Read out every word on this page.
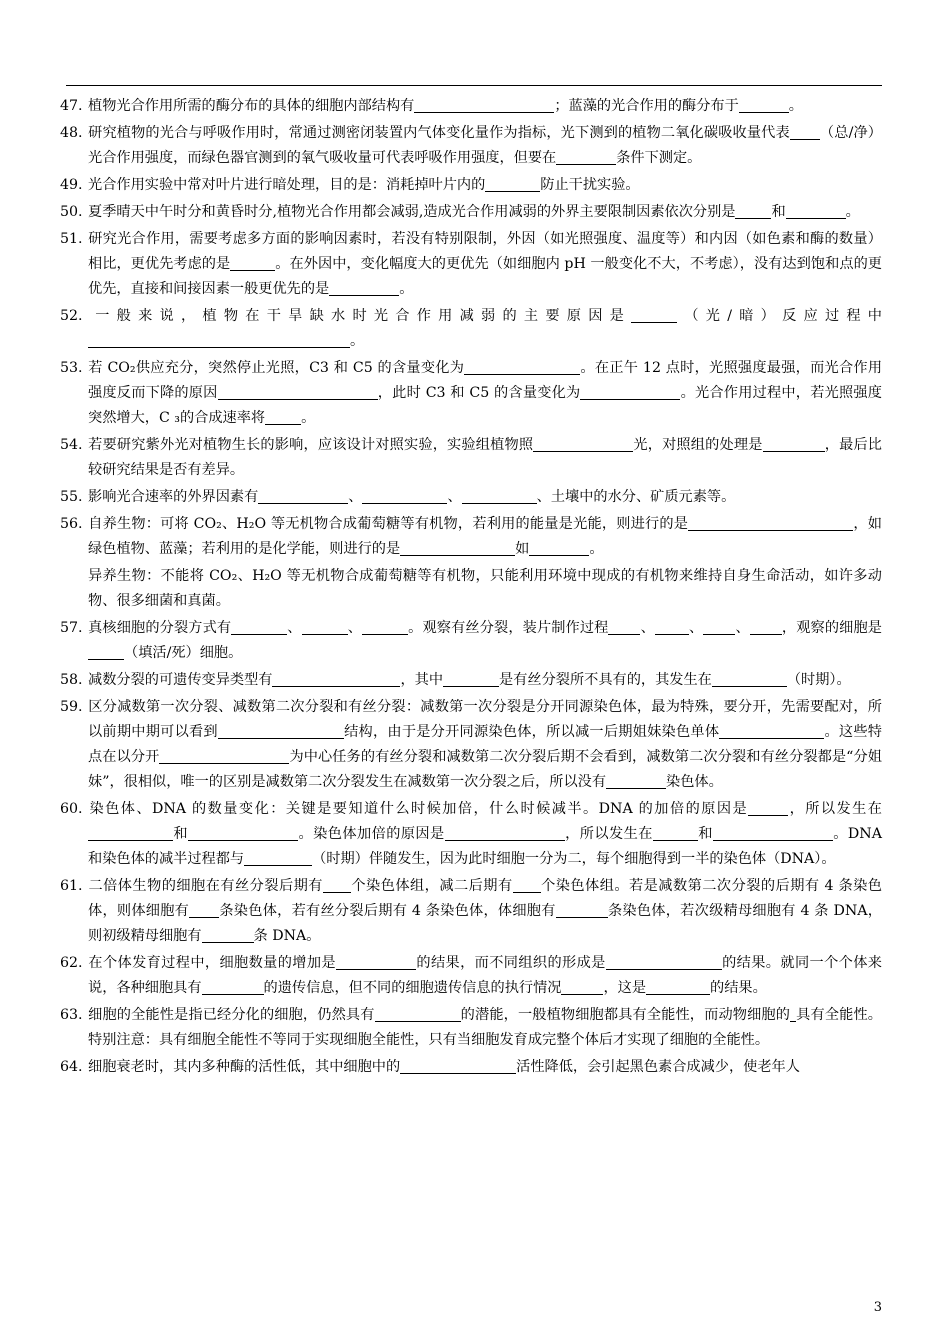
47. 植物光合作用所需的酶分布的具体的细胞内部结构有	；蓝藻的光合作用的酶分布于	。

48. 研究植物的光合与呼吸作用时，常通过测密闭装置内气体变化量作为指标，光下测到的植物二氧化碳吸收量代表 （总/净）光合作用强度，而绿色器官测到的氧气吸收量可代表呼吸作用强度，但要在	条件下测定。

49. 光合作用实验中常对叶片进行暗处理，目的是：消耗掉叶片内的	防止干扰实验。

50. 夏季晴天中午时分和黄昏时分,植物光合作用都会减弱,造成光合作用减弱的外界主要限制因素依次分别是	和	。

51. 研究光合作用，需要考虑多方面的影响因素时，若没有特别限制，外因（如光照强度、温度等）和内因（如色素和酶的数量）相比，更优先考虑的是	。在外因中，变化幅度大的更优先（如细胞内 pH 一般变化不大，不考虑），没有达到饱和点的更优先，直接和间接因素一般更优先的是	。

52. 一般来说，植物在干旱缺水时光合作用减弱的主要原因是	（光/暗）反应过程中。

53. 若 CO₂供应充分，突然停止光照，C3 和 C5 的含量变化为	。在正午 12 点时，光照强度最强，而光合作用强度反而下降的原因	，此时 C3 和 C5 的含量变化为	。光合作用过程中，若光照强度突然增大，C ₃的合成速率将	。

54. 若要研究紫外光对植物生长的影响，应该设计对照实验，实验组植物照	光，对照组的处理是	，最后比较研究结果是否有差异。

55. 影响光合速率的外界因素有	、	、	、土壤中的水分、矿质元素等。

56. 自养生物：可将 CO₂、H₂O 等无机物合成葡萄糖等有机物，若利用的能量是光能，则进行的是	，如绿色植物、蓝藻；若利用的是化学能，则进行的是	如	。

异养生物：不能将 CO₂、H₂O 等无机物合成葡萄糖等有机物，只能利用环境中现成的有机物来维持自身生命活动，如许多动物、很多细菌和真菌。

57. 真核细胞的分裂方式有	、	、	。观察有丝分裂，装片制作过程 、 、 、 ，观察的细胞是（填活/死）细胞。

58. 减数分裂的可遗传变异类型有	，其中	是有丝分裂所不具有的，其发生在	（时期）。

59. 区分减数第一次分裂、减数第二次分裂和有丝分裂：减数第一次分裂是分开同源染色体，最为特殊，要分开，先需要配对，所以前期中期可以看到	结构，由于是分开同源染色体，所以减一后期姐妹染色单体	。这些特点在以分开	为中心任务的有丝分裂和减数第二次分裂后期不会看到，减数第二次分裂和有丝分裂都是“分姐妹”，很相似，唯一的区别是减数第二次分裂发生在减数第一次分裂之后，所以没有	染色体。

60. 染色体、DNA 的数量变化：关键是要知道什么时候加倍，什么时候减半。DNA 的加倍的原因是	，所以发生在和	。染色体加倍的原因是	，所以发生在	和	。DNA 和染色体的减半过程都与	（时期）伴随发生，因为此时细胞一分为二，每个细胞得到一半的染色体（DNA）。

61. 二倍体生物的细胞在有丝分裂后期有 个染色体组，减二后期有 个染色体组。若是减数第二次分裂的后期有 4 条染色体，则体细胞有 条染色体，若有丝分裂后期有 4 条染色体，体细胞有	条染色体，若次级精母细胞有 4 条 DNA，则初级精母细胞有	条 DNA。

62. 在个体发育过程中，细胞数量的增加是	的结果，而不同组织的形成是	的结果。就同一个个体来说，各种细胞具有	的遗传信息，但不同的细胞遗传信息的执行情况	，这是	的结果。

63. 细胞的全能性是指已经分化的细胞，仍然具有	的潜能，一般植物细胞都具有全能性，而动物细胞的 具有全能性。特别注意：具有细胞全能性不等同于实现细胞全能性，只有当细胞发育成完整个体后才实现了细胞的全能性。

64. 细胞衰老时，其内多种酶的活性低，其中细胞中的	活性降低，会引起黑色素合成减少，使老年人

3
